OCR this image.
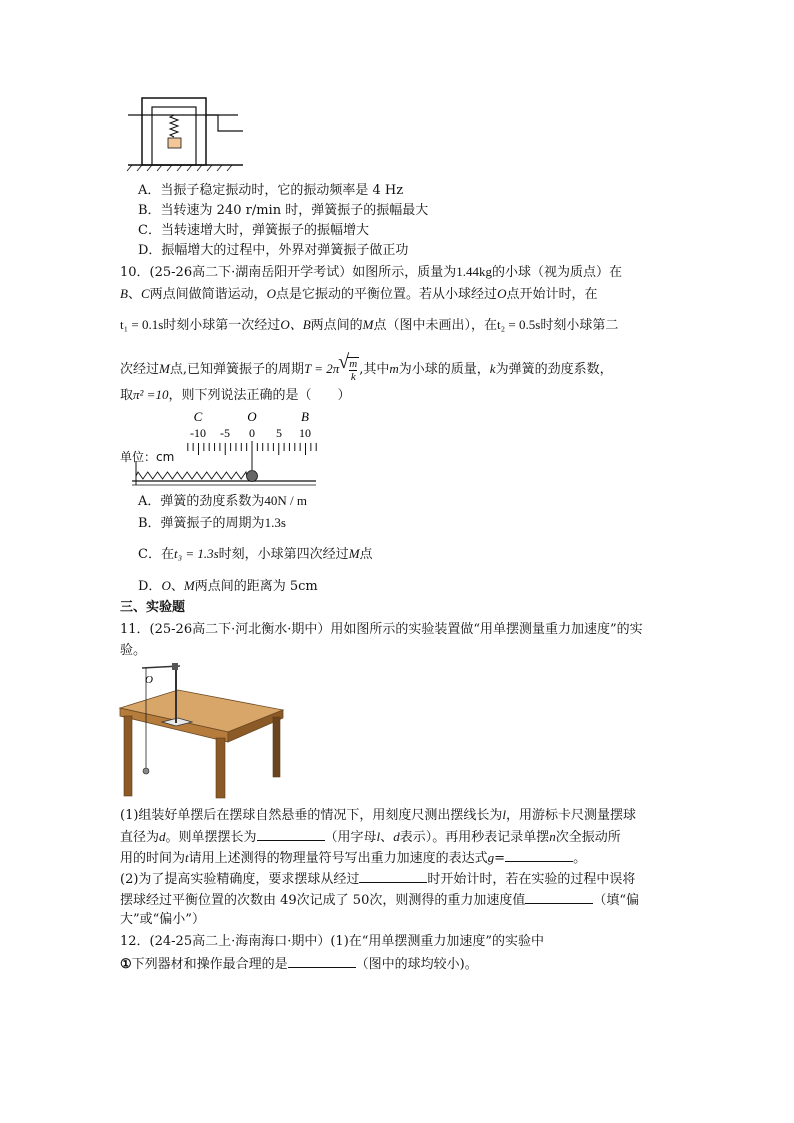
A．当振子稳定振动时，它的振动频率是 4 Hz
B．当转速为 240 r/min 时，弹簧振子的振幅最大
C．当转速增大时，弹簧振子的振幅增大
D．振幅增大的过程中，外界对弹簧振子做正功
10．(25-26高二下·湖南岳阳开学考试）如图所示，质量为1.44kg的小球（视为质点）在
B、C两点间做简谐运动，O点是它振动的平衡位置。若从小球经过O点开始计时，在
t₁ = 0.1s时刻小球第一次经过O、B两点间的M点（图中未画出），在t₂ = 0.5s时刻小球第二
次经过M点,已知弹簧振子的周期T = 2π √ m
k
,其中m为小球的质量，k为弹簧的劲度系数，
取π² =10，则下列说法正确的是（　　）
C	O	B
-10 -5 0 5 10
单位：cm
A．弹簧的劲度系数为40N / m
B．弹簧振子的周期为1.3s
C．在t₃ = 1.3s时刻，小球第四次经过M点
D．O、M两点间的距离为 5cm
三、实验题
11．(25-26高二下·河北衡水·期中）用如图所示的实验装置做“用单摆测量重力加速度”的实
验。
O
(1)组装好单摆后在摆球自然悬垂的情况下，用刻度尺测出摆线长为l，用游标卡尺测量摆球
直径为d。则单摆摆长为	（用字母l、d表示）。再用秒表记录单摆n次全振动所
用的时间为t请用上述测得的物理量符号写出重力加速度的表达式g=	。
(2)为了提高实验精确度，要求摆球从经过	时开始计时，若在实验的过程中误将
摆球经过平衡位置的次数由 49次记成了 50次，则测得的重力加速度值	（填“偏
大”或“偏小”）
12．(24-25高二上·海南海口·期中）(1)在“用单摆测重力加速度”的实验中
①下列器材和操作最合理的是	（图中的球均较小)。
